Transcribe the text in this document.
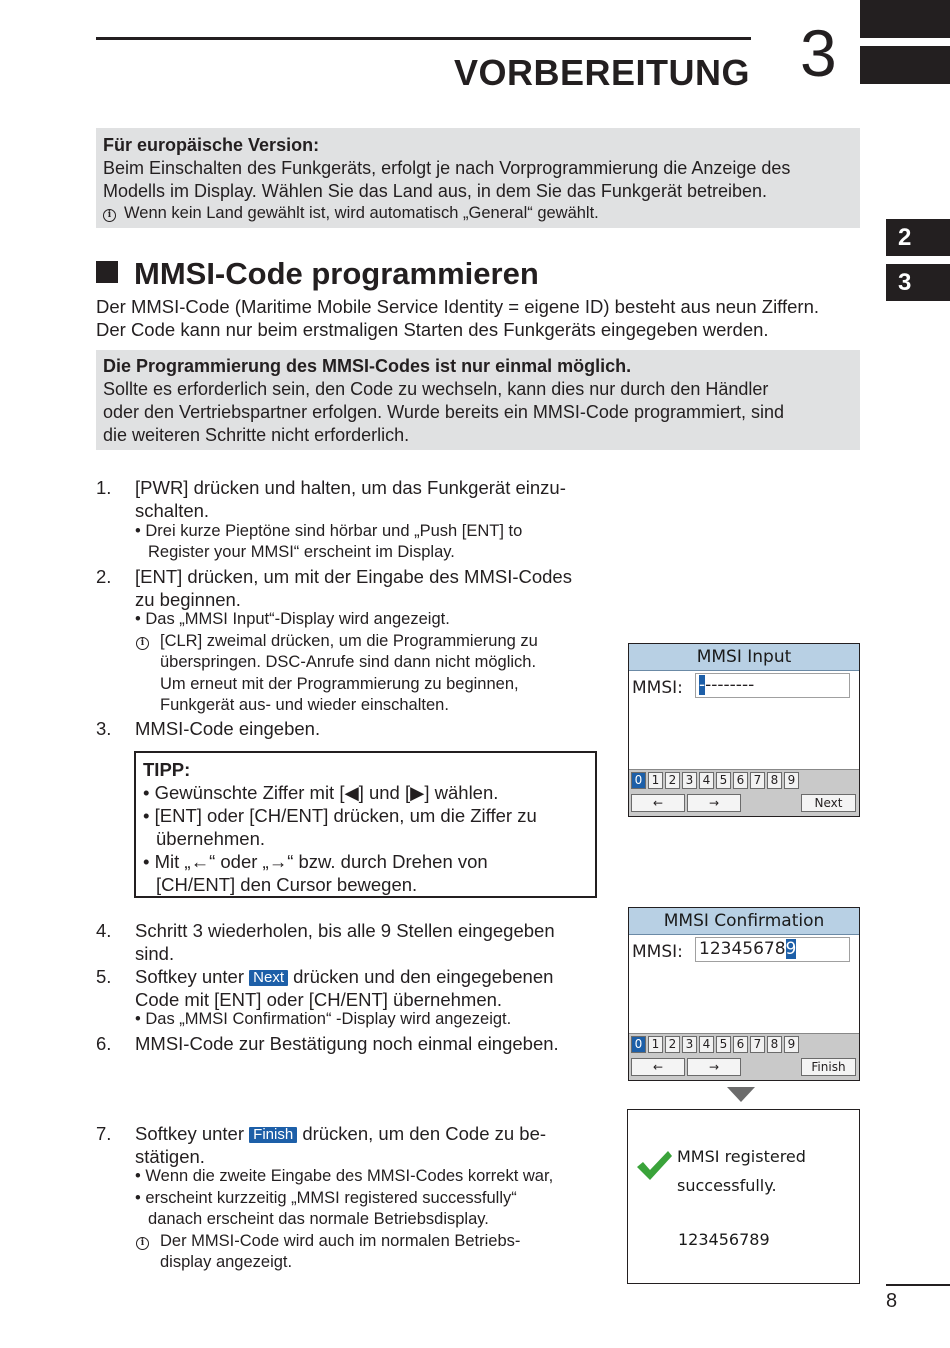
VORBEREITUNG 3
2
3
Für europäische Version:
Beim Einschalten des Funkgeräts, erfolgt je nach Vorprogrammierung die Anzeige des
Modells im Display. Wählen Sie das Land aus, in dem Sie das Funkgerät betreiben.
i Wenn kein Land gewählt ist, wird automatisch „General“ gewählt.
MMSI-Code programmieren
Der MMSI-Code (Maritime Mobile Service Identity = eigene ID) besteht aus neun Ziffern.
Der Code kann nur beim erstmaligen Starten des Funkgeräts eingegeben werden.
Die Programmierung des MMSI-Codes ist nur einmal möglich.
Sollte es erforderlich sein, den Code zu wechseln, kann dies nur durch den Händler
oder den Vertriebspartner erfolgen. Wurde bereits ein MMSI-Code programmiert, sind
die weiteren Schritte nicht erforderlich.
1. [PWR] drücken und halten, um das Funkgerät einzu-
schalten.
• Drei kurze Pieptöne sind hörbar und „Push [ENT] to
Register your MMSI“ erscheint im Display.
2. [ENT] drücken, um mit der Eingabe des MMSI-Codes
zu beginnen.
• Das „MMSI Input“-Display wird angezeigt.
i [CLR] zweimal drücken, um die Programmierung zu
überspringen. DSC-Anrufe sind dann nicht möglich.
Um erneut mit der Programmierung zu beginnen,
Funkgerät aus- und wieder einschalten.
3. MMSI-Code eingeben.
TIPP:
• Gewünschte Ziffer mit [◀] und [▶] wählen.
• [ENT] oder [CH/ENT] drücken, um die Ziffer zu
übernehmen.
• Mit „←“ oder „→“ bzw. durch Drehen von
[CH/ENT] den Cursor bewegen.
4. Schritt 3 wiederholen, bis alle 9 Stellen eingegeben
sind.
5. Softkey unter Next drücken und den eingegebenen
Code mit [ENT] oder [CH/ENT] übernehmen.
• Das „MMSI Confirmation“ -Display wird angezeigt.
6. MMSI-Code zur Bestätigung noch einmal eingeben.
7. Softkey unter Finish drücken, um den Code zu be-
stätigen.
• Wenn die zweite Eingabe des MMSI-Codes korrekt war,
• erscheint kurzzeitig „MMSI registered successfully“
danach erscheint das normale Betriebsdisplay.
i Der MMSI-Code wird auch im normalen Betriebs-
display angezeigt.
MMSI Input
MMSI: ---------
0 1 2 3 4 5 6 7 8 9
←	→	Next
MMSI Confirmation
MMSI: 123456789
0 1 2 3 4 5 6 7 8 9
←	→	Finish
MMSI registered
successfully.
123456789
8
